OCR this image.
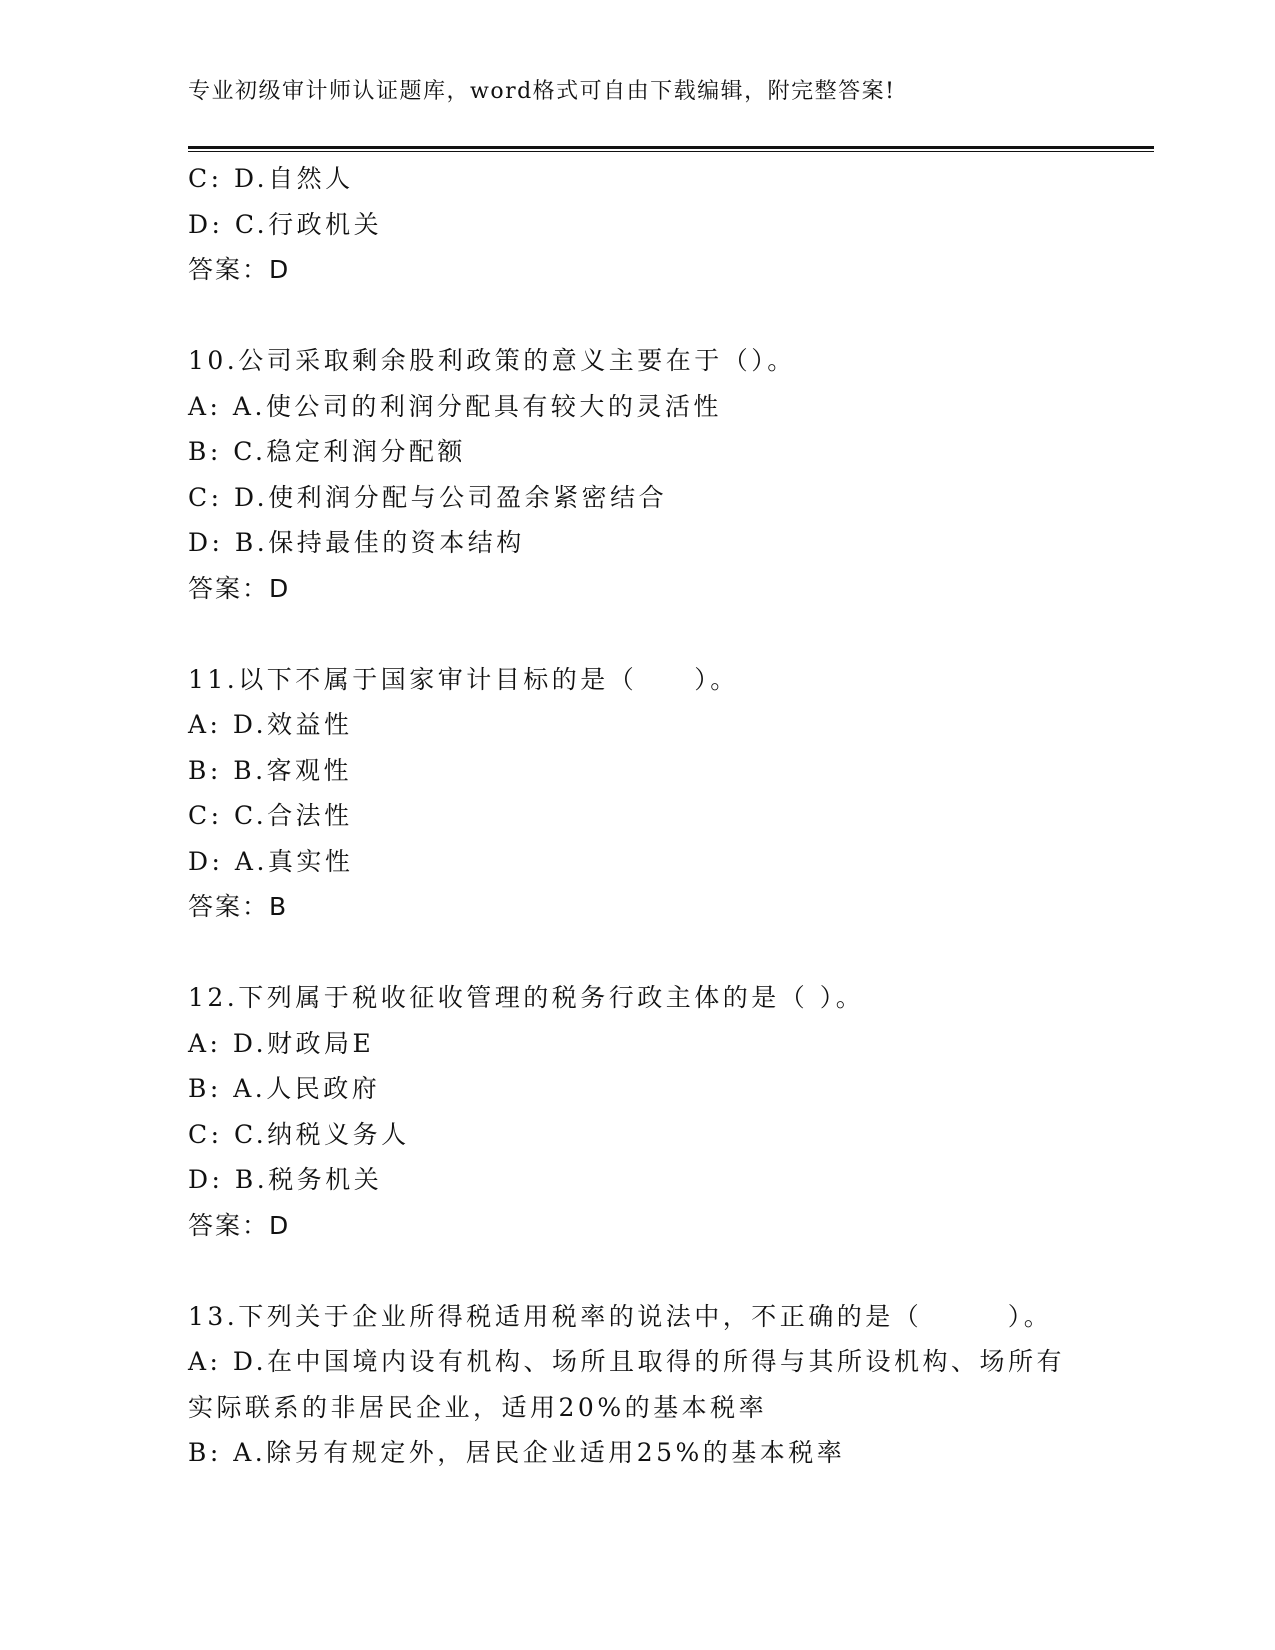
专业初级审计师认证题库，word格式可自由下载编辑，附完整答案!
C: D.自然人
D: C.行政机关
答案：D
10.公司采取剩余股利政策的意义主要在于（）。
A: A.使公司的利润分配具有较大的灵活性
B: C.稳定利润分配额
C: D.使利润分配与公司盈余紧密结合
D: B.保持最佳的资本结构
答案：D
11.以下不属于国家审计目标的是（　　）。
A: D.效益性
B: B.客观性
C: C.合法性
D: A.真实性
答案：B
12.下列属于税收征收管理的税务行政主体的是（ ）。
A: D.财政局E
B: A.人民政府
C: C.纳税义务人
D: B.税务机关
答案：D
13.下列关于企业所得税适用税率的说法中，不正确的是（　　　）。
A: D.在中国境内设有机构、场所且取得的所得与其所设机构、场所有实际联系的非居民企业，适用20%的基本税率
B: A.除另有规定外，居民企业适用25%的基本税率
